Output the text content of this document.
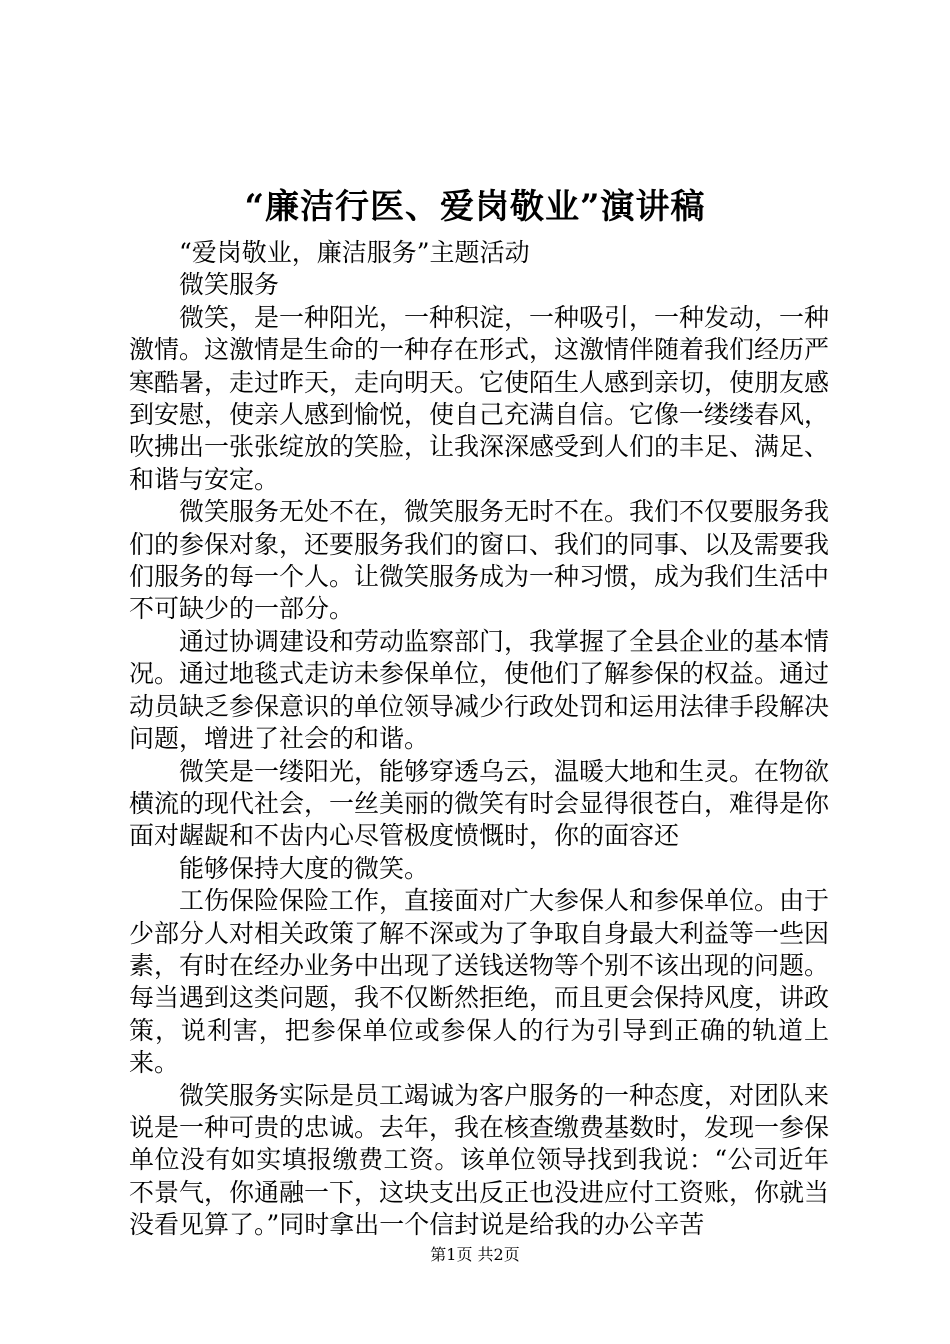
“廉洁行医、爱岗敬业”演讲稿

“爱岗敬业，廉洁服务”主题活动

微笑服务

微笑，是一种阳光，一种积淀，一种吸引，一种发动，一种激情。这激情是生命的一种存在形式，这激情伴随着我们经历严寒酷暑，走过昨天，走向明天。它使陌生人感到亲切，使朋友感到安慰，使亲人感到愉悦，使自己充满自信。它像一缕缕春风，吹拂出一张张绽放的笑脸，让我深深感受到人们的丰足、满足、和谐与安定。

微笑服务无处不在，微笑服务无时不在。我们不仅要服务我们的参保对象，还要服务我们的窗口、我们的同事、以及需要我们服务的每一个人。让微笑服务成为一种习惯，成为我们生活中不可缺少的一部分。

通过协调建设和劳动监察部门，我掌握了全县企业的基本情况。通过地毯式走访未参保单位，使他们了解参保的权益。通过动员缺乏参保意识的单位领导减少行政处罚和运用法律手段解决问题，增进了社会的和谐。

微笑是一缕阳光，能够穿透乌云，温暖大地和生灵。在物欲横流的现代社会，一丝美丽的微笑有时会显得很苍白，难得是你面对龌龊和不齿内心尽管极度愤慨时，你的面容还

能够保持大度的微笑。

工伤保险保险工作，直接面对广大参保人和参保单位。由于少部分人对相关政策了解不深或为了争取自身最大利益等一些因素，有时在经办业务中出现了送钱送物等个别不该出现的问题。每当遇到这类问题，我不仅断然拒绝，而且更会保持风度，讲政策，说利害，把参保单位或参保人的行为引导到正确的轨道上来。

微笑服务实际是员工竭诚为客户服务的一种态度，对团队来说是一种可贵的忠诚。去年，我在核查缴费基数时，发现一参保单位没有如实填报缴费工资。该单位领导找到我说：“公司近年不景气，你通融一下，这块支出反正也没进应付工资账，你就当没看见算了。”同时拿出一个信封说是给我的办公辛苦

第1页 共2页
